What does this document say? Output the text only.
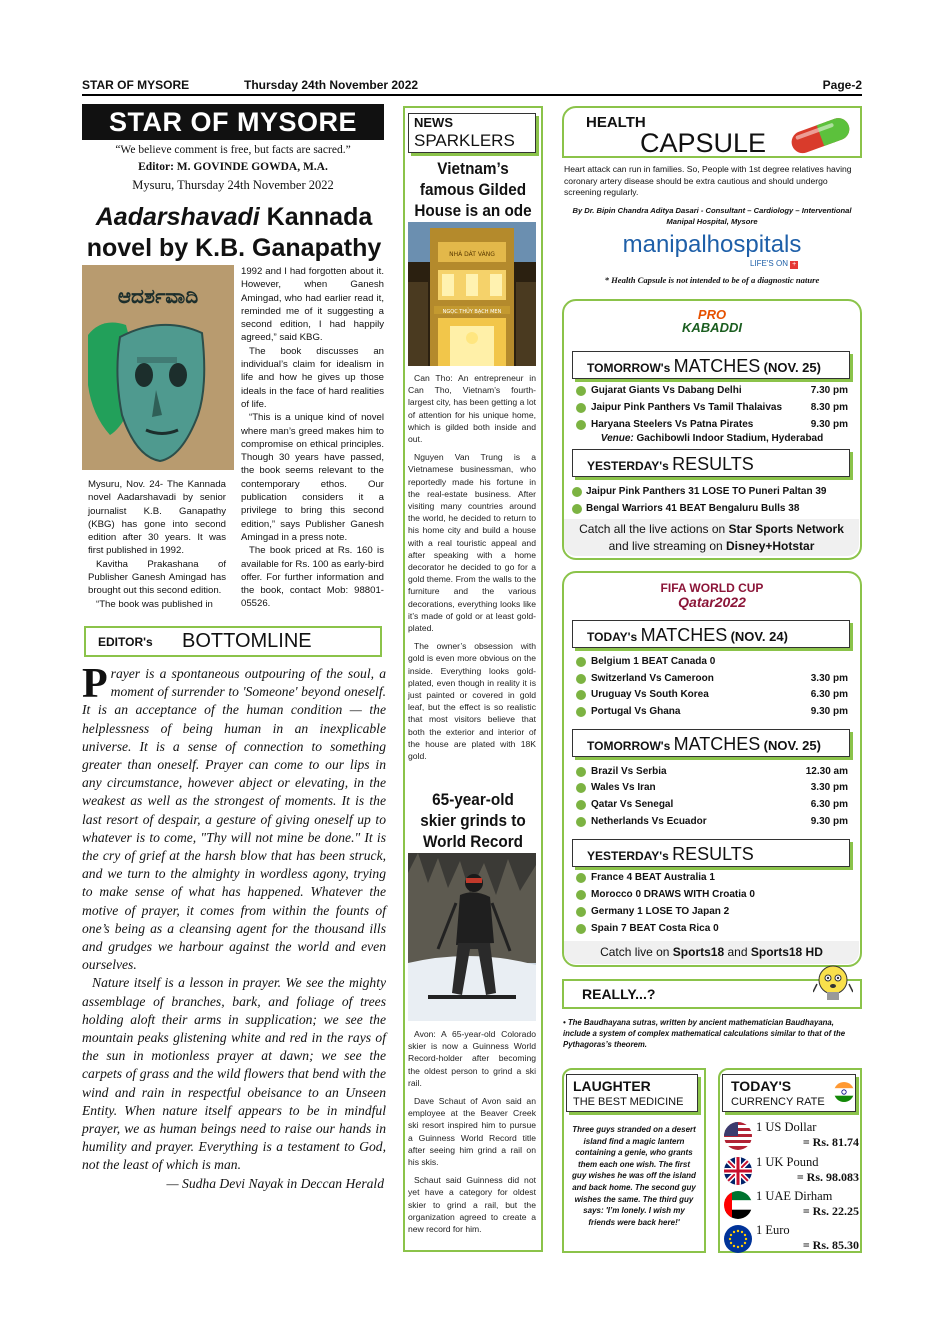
STAR OF MYSORE	Thursday 24th November 2022	Page-2
STAR OF MYSORE
“We believe comment is free, but facts are sacred.”
Editor: M. GOVINDE GOWDA, M.A.
Mysuru, Thursday 24th November 2022
Aadarshavadi Kannada
novel by K.B. Ganapathy
ಆದರ್ಶವಾದಿ

Mysuru, Nov. 24- The Kannada novel Aadarshavadi by senior journalist K.B. Ganapathy (KBG) has gone into second edition after 30 years. It was first published in 1992.

Kavitha Prakashana of Publisher Ganesh Amingad has brought out this second edition.

“The book was published in

1992 and I had forgotten about it. However, when Ganesh Amingad, who had earlier read it, reminded me of it suggesting a second edition, I had happily agreed,” said KBG.

The book discusses an individual’s claim for idealism in life and how he gives up those ideals in the face of hard realities of life.

“This is a unique kind of novel where man’s greed makes him to compromise on ethical principles. Though 30 years have passed, the book seems relevant to the contemporary ethos. Our publication considers it a privilege to bring this second edition,” says Publisher Ganesh Amingad in a press note.

The book priced at Rs. 160 is available for Rs. 100 as early-bird offer. For further information and the book, contact Mob: 98801-05526.

EDITOR's BOTTOMLINE

Prayer is a spontaneous outpouring of the soul, a moment of surrender to 'Someone' beyond oneself. It is an acceptance of the human condition — the helplessness of being human in an inexplicable universe. It is a sense of connection to something greater than oneself. Prayer can come to our lips in any circumstance, however abject or elevating, in the weakest as well as the strongest of moments. It is the last resort of despair, a gesture of giving oneself up to whatever is to come, "Thy will not mine be done." It is the cry of grief at the harsh blow that has been struck, and we turn to the almighty in wordless agony, trying to make sense of what has happened. Whatever the motive of prayer, it comes from within the founts of one’s being as a cleansing agent for the thousand ills and grudges we harbour against the world and even ourselves.

Nature itself is a lesson in prayer. We see the mighty assemblage of branches, bark, and foliage of trees holding aloft their arms in supplication; we see the mountain peaks glistening white and red in the rays of the sun in motionless prayer at dawn; we see the carpets of grass and the wild flowers that bend with the wind and rain in respectful obeisance to an Unseen Entity. When nature itself appears to be in mindful prayer, we as human beings need to raise our hands in humility and prayer. Everything is a testament to God, not the least of which is man.

— Sudha Devi Nayak in Deccan Herald

NEWS
SPARKLERS
Vietnam’s famous Gilded House is an ode
NHÀ DÁT VÀNG
NGỌC THỦY BẠCH MEN

Can Tho: An entrepreneur in Can Tho, Vietnam’s fourth-largest city, has been getting a lot of attention for his unique home, which is gilded both inside and out.

Nguyen Van Trung is a Vietnamese businessman, who reportedly made his fortune in the real-estate business. After visiting many countries around the world, he decided to return to his home city and build a house with a real touristic appeal and after speaking with a home decorator he decided to go for a gold theme. From the walls to the furniture and the various decorations, everything looks like it’s made of gold or at least gold-plated.

The owner’s obsession with gold is even more obvious on the inside. Everything looks gold-plated, even though in reality it is just painted or covered in gold leaf, but the effect is so realistic that most visitors believe that both the exterior and interior of the house are plated with 18K gold.

65-year-old skier grinds to World Record

Avon: A 65-year-old Colorado skier is now a Guinness World Record-holder after becoming the oldest person to grind a ski rail.

Dave Schaut of Avon said an employee at the Beaver Creek ski resort inspired him to pursue a Guinness World Record title after seeing him grind a rail on his skis.

Schaut said Guinness did not yet have a category for oldest skier to grind a rail, but the organization agreed to create a new record for him.

HEALTH
CAPSULE
Heart attack can run in families. So, People with 1st degree relatives having coronary artery disease should be extra cautious and should undergo screening regularly.
By Dr. Bipin Chandra Aditya Dasari - Consultant – Cardiology – Interventional Manipal Hospital, Mysore
manipalhospitals
LIFE'S ON +
* Health Capsule is not intended to be of a diagnostic nature
PRO
KABADDI
TOMORROW's MATCHES (NOV. 25)
Gujarat Giants Vs Dabang Delhi	7.30 pm
Jaipur Pink Panthers Vs Tamil Thalaivas	8.30 pm
Haryana Steelers Vs Patna Pirates	9.30 pm
Venue: Gachibowli Indoor Stadium, Hyderabad
YESTERDAY's RESULTS
Jaipur Pink Panthers 31 LOSE TO Puneri Paltan 39
Bengal Warriors 41 BEAT Bengaluru Bulls 38
Catch all the live actions on Star Sports Network
and live streaming on Disney+Hotstar
FIFA WORLD CUP
Qatar2022
TODAY's MATCHES (NOV. 24)
Belgium 1 BEAT Canada 0
Switzerland Vs Cameroon	3.30 pm
Uruguay Vs South Korea	6.30 pm
Portugal Vs Ghana	9.30 pm
TOMORROW's MATCHES (NOV. 25)
Brazil Vs Serbia	12.30 am
Wales Vs Iran	3.30 pm
Qatar Vs Senegal	6.30 pm
Netherlands Vs Ecuador	9.30 pm
YESTERDAY's RESULTS
France 4 BEAT Australia 1
Morocco 0 DRAWS WITH Croatia 0
Germany 1 LOSE TO Japan 2
Spain 7 BEAT Costa Rica 0
Catch live on Sports18 and Sports18 HD
REALLY...?
• The Baudhayana sutras, written by ancient mathematician Baudhayana, include a system of complex mathematical calculations similar to that of the Pythagoras’s theorem.
LAUGHTER
THE BEST MEDICINE
Three guys stranded on a desert island find a magic lantern containing a genie, who grants them each one wish. The first guy wishes he was off the island and back home. The second guy wishes the same. The third guy says: 'I’m lonely. I wish my friends were back here!'
TODAY'S
CURRENCY RATE
1 US Dollar
= Rs. 81.74
1 UK Pound
= Rs. 98.083
1 UAE Dirham
= Rs. 22.25
1 Euro
= Rs. 85.30
